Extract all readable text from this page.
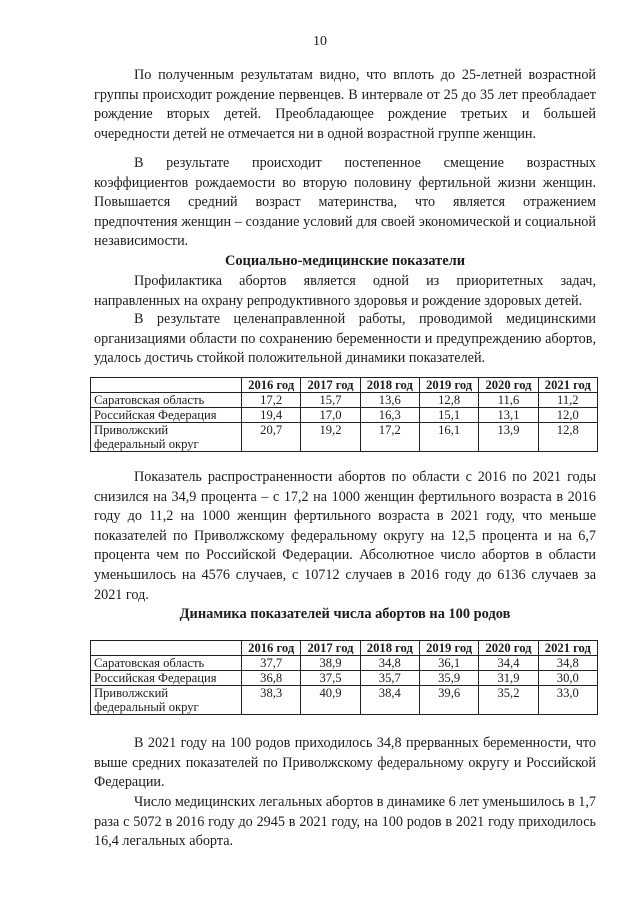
10

По полученным результатам видно, что вплоть до 25-летней возрастной группы происходит рождение первенцев. В интервале от 25 до 35 лет преобладает рождение вторых детей. Преобладающее рождение третьих и большей очередности детей не отмечается ни в одной возрастной группе женщин.

В результате происходит постепенное смещение возрастных коэффициентов рождаемости во вторую половину фертильной жизни женщин. Повышается средний возраст материнства, что является отражением предпочтения женщин – создание условий для своей экономической и социальной независимости.

Социально-медицинские показатели

Профилактика абортов является одной из приоритетных задач, направленных на охрану репродуктивного здоровья и рождение здоровых детей.

В результате целенаправленной работы, проводимой медицинскими организациями области по сохранению беременности и предупреждению абортов, удалось достичь стойкой положительной динамики показателей.

	2016 год	2017 год	2018 год	2019 год	2020 год	2021 год
Саратовская область	17,2	15,7	13,6	12,8	11,6	11,2
Российская Федерация	19,4	17,0	16,3	15,1	13,1	12,0
Приволжский федеральный округ	20,7	19,2	17,2	16,1	13,9	12,8

Показатель распространенности абортов по области с 2016 по 2021 годы снизился на 34,9 процента – с 17,2 на 1000 женщин фертильного возраста в 2016 году до 11,2 на 1000 женщин фертильного возраста в 2021 году, что меньше показателей по Приволжскому федеральному округу на 12,5 процента и на 6,7 процента чем по Российской Федерации. Абсолютное число абортов в области уменьшилось на 4576 случаев, с 10712 случаев в 2016 году до 6136 случаев за 2021 год.

Динамика показателей числа абортов на 100 родов
	2016 год	2017 год	2018 год	2019 год	2020 год	2021 год
Саратовская область	37,7	38,9	34,8	36,1	34,4	34,8
Российская Федерация	36,8	37,5	35,7	35,9	31,9	30,0
Приволжский федеральный округ	38,3	40,9	38,4	39,6	35,2	33,0

В 2021 году на 100 родов приходилось 34,8 прерванных беременности, что выше средних показателей по Приволжскому федеральному округу и Российской Федерации.

Число медицинских легальных абортов в динамике 6 лет уменьшилось в 1,7 раза с 5072 в 2016 году до 2945 в 2021 году, на 100 родов в 2021 году приходилось 16,4 легальных аборта.
